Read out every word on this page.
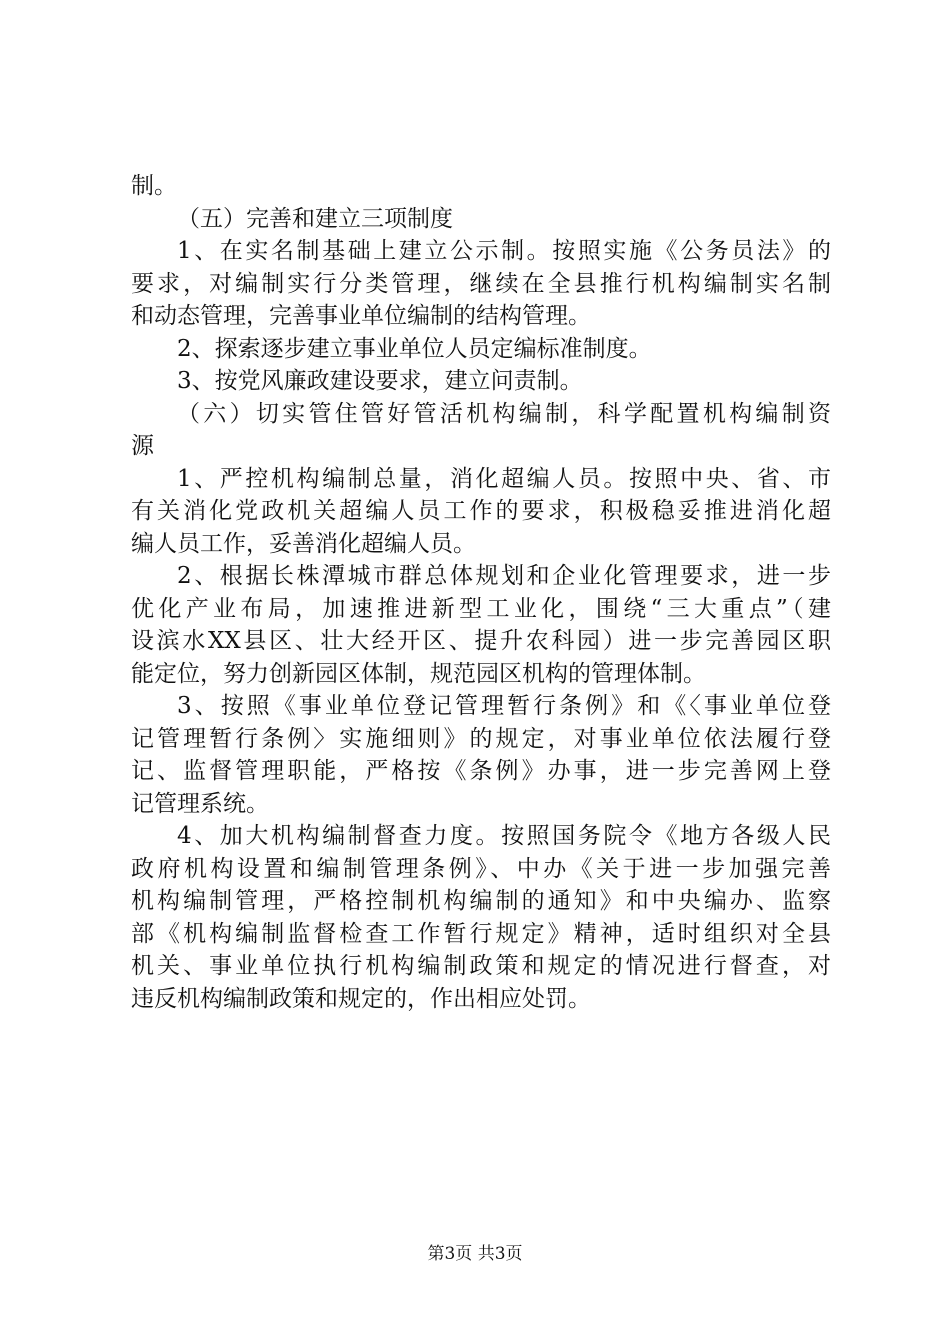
制。
（五）完善和建立三项制度
1、在实名制基础上建立公示制。按照实施《公务员法》的
要求，对编制实行分类管理，继续在全县推行机构编制实名制
和动态管理，完善事业单位编制的结构管理。
2、探索逐步建立事业单位人员定编标准制度。
3、按党风廉政建设要求，建立问责制。
（六）切实管住管好管活机构编制，科学配置机构编制资
源
1、严控机构编制总量，消化超编人员。按照中央、省、市
有关消化党政机关超编人员工作的要求，积极稳妥推进消化超
编人员工作，妥善消化超编人员。
2、根据长株潭城市群总体规划和企业化管理要求，进一步
优化产业布局，加速推进新型工业化，围绕“三大重点”（建
设滨水XX县区、壮大经开区、提升农科园）进一步完善园区职
能定位，努力创新园区体制，规范园区机构的管理体制。
3、按照《事业单位登记管理暂行条例》和《〈事业单位登
记管理暂行条例〉实施细则》的规定，对事业单位依法履行登
记、监督管理职能，严格按《条例》办事，进一步完善网上登
记管理系统。
4、加大机构编制督查力度。按照国务院令《地方各级人民
政府机构设置和编制管理条例》、中办《关于进一步加强完善
机构编制管理，严格控制机构编制的通知》和中央编办、监察
部《机构编制监督检查工作暂行规定》精神，适时组织对全县
机关、事业单位执行机构编制政策和规定的情况进行督查，对
违反机构编制政策和规定的，作出相应处罚。
第3页 共3页
